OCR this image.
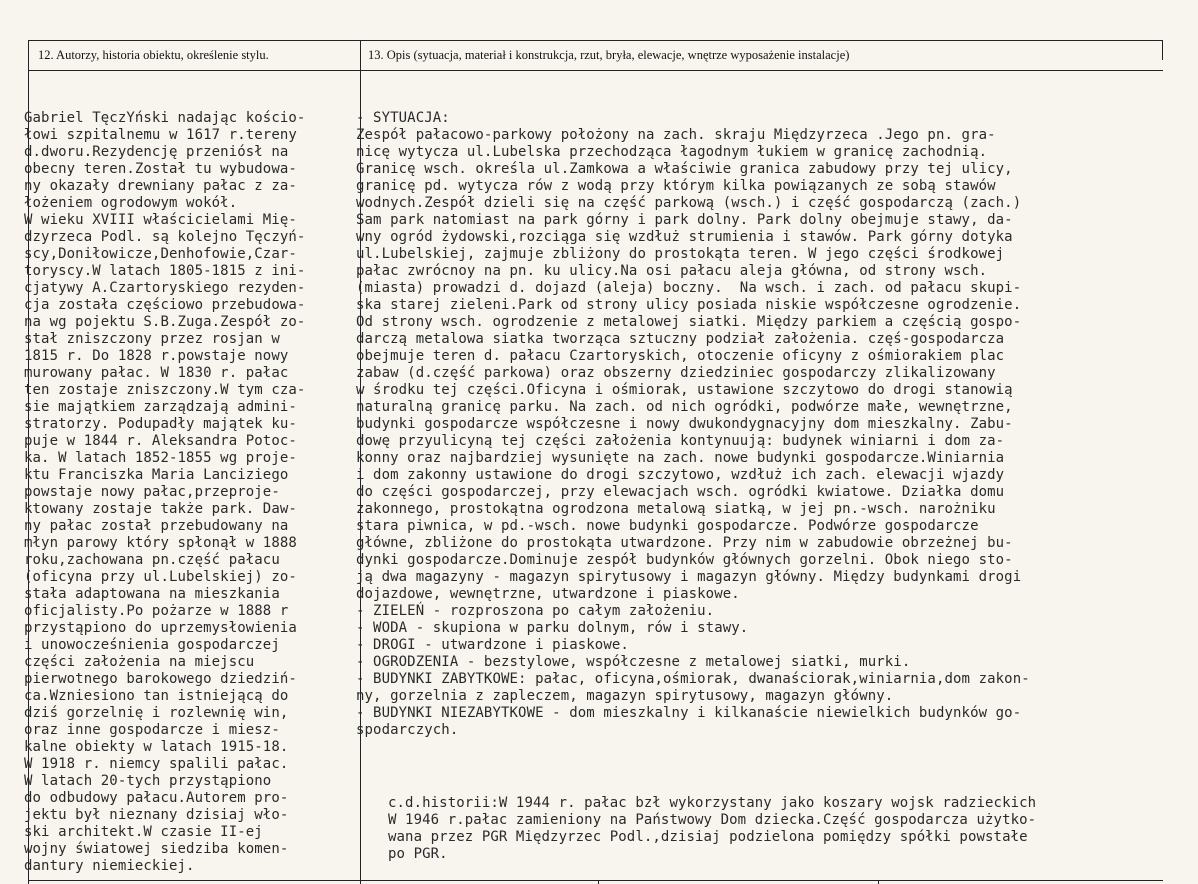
12. Autorzy, historia obiektu, określenie stylu.	13. Opis (sytuacja, materiał i konstrukcja, rzut, bryła, elewacje, wnętrze wyposażenie instalacje)
Gabriel TęczYński nadając kościo-
łowi szpitalnemu w 1617 r.tereny
d.dworu.Rezydencję przeniósł na
obecny teren.Został tu wybudowa-
ny okazały drewniany pałac z za-
łożeniem ogrodowym wokół.
W wieku XVIII właścicielami Mię-
dzyrzeca Podl. są kolejno Tęczyń-
scy,Doniłowicze,Denhofowie,Czar-
toryscy.W latach 1805-1815 z ini-
cjatywy A.Czartoryskiego rezyden-
cja została częściowo przebudowa-
na wg pojektu S.B.Zuga.Zespół zo-
stał zniszczony przez rosjan w
1815 r. Do 1828 r.powstaje nowy
murowany pałac. W 1830 r. pałac
ten zostaje zniszczony.W tym cza-
sie majątkiem zarządzają admini-
stratorzy. Podupadły majątek ku-
puje w 1844 r. Aleksandra Potoc-
ka. W latach 1852-1855 wg proje-
ktu Franciszka Maria Lanciziego
powstaje nowy pałac,przeproje-
ktowany zostaje także park. Daw-
ny pałac został przebudowany na
młyn parowy który spłonął w 1888
roku,zachowana pn.część pałacu
(oficyna przy ul.Lubelskiej) zo-
stała adaptowana na mieszkania
oficjalisty.Po pożarze w 1888 r
przystąpiono do uprzemysłowienia
i unowocześnienia gospodarczej
części założenia na miejscu
pierwotnego barokowego dziedziń-
ca.Wzniesiono tan istniejącą do
dziś gorzelnię i rozlewnię win,
oraz inne gospodarcze i miesz-
kalne obiekty w latach 1915-18.
W 1918 r. niemcy spalili pałac.
W latach 20-tych przystąpiono
do odbudowy pałacu.Autorem pro-
jektu był nieznany dzisiaj wło-
ski architekt.W czasie II-ej
wojny światowej siedziba komen-
dantury niemieckiej.
- SYTUACJA:
Zespół pałacowo-parkowy położony na zach. skraju Międzyrzeca .Jego pn. gra-
nicę wytycza ul.Lubelska przechodząca łagodnym łukiem w granicę zachodnią.
Granicę wsch. określa ul.Zamkowa a właściwie granica zabudowy przy tej ulicy,
granicę pd. wytycza rów z wodą przy którym kilka powiązanych ze sobą stawów
wodnych.Zespół dzieli się na część parkową (wsch.) i część gospodarczą (zach.)
Sam park natomiast na park górny i park dolny. Park dolny obejmuje stawy, da-
wny ogród żydowski,rozciąga się wzdłuż strumienia i stawów. Park górny dotyka
ul.Lubelskiej, zajmuje zbliżony do prostokąta teren. W jego części środkowej
pałac zwrócnoy na pn. ku ulicy.Na osi pałacu aleja główna, od strony wsch.
(miasta) prowadzi d. dojazd (aleja) boczny.  Na wsch. i zach. od pałacu skupi-
ska starej zieleni.Park od strony ulicy posiada niskie współczesne ogrodzenie.
Od strony wsch. ogrodzenie z metalowej siatki. Między parkiem a częścią gospo-
darczą metalowa siatka tworząca sztuczny podział założenia. częś-gospodarcza
obejmuje teren d. pałacu Czartoryskich, otoczenie oficyny z ośmiorakiem plac
zabaw (d.część parkowa) oraz obszerny dziedziniec gospodarczy zlikalizowany
w środku tej części.Oficyna i ośmiorak, ustawione szczytowo do drogi stanowią
naturalną granicę parku. Na zach. od nich ogródki, podwórze małe, wewnętrzne,
budynki gospodarcze współczesne i nowy dwukondygnacyjny dom mieszkalny. Zabu-
dowę przyulicyną tej części założenia kontynuują: budynek winiarni i dom za-
konny oraz najbardziej wysunięte na zach. nowe budynki gospodarcze.Winiarnia
i dom zakonny ustawione do drogi szczytowo, wzdłuż ich zach. elewacji wjazdy
do części gospodarczej, przy elewacjach wsch. ogródki kwiatowe. Działka domu
zakonnego, prostokątna ogrodzona metalową siatką, w jej pn.-wsch. narożniku
stara piwnica, w pd.-wsch. nowe budynki gospodarcze. Podwórze gospodarcze
główne, zbliżone do prostokąta utwardzone. Przy nim w zabudowie obrzeżnej bu-
dynki gospodarcze.Dominuje zespół budynków głównych gorzelni. Obok niego sto-
ją dwa magazyny - magazyn spirytusowy i magazyn główny. Między budynkami drogi
dojazdowe, wewnętrzne, utwardzone i piaskowe.
- ZIELEŃ - rozproszona po całym założeniu.
- WODA - skupiona w parku dolnym, rów i stawy.
- DROGI - utwardzone i piaskowe.
- OGRODZENIA - bezstylowe, współczesne z metalowej siatki, murki.
- BUDYNKI ZABYTKOWE: pałac, oficyna,ośmiorak, dwanaściorak,winiarnia,dom zakon-
ny, gorzelnia z zapleczem, magazyn spirytusowy, magazyn główny.
- BUDYNKI NIEZABYTKOWE - dom mieszkalny i kilkanaście niewielkich budynków go-
spodarczych.
c.d.historii:W 1944 r. pałac bzł wykorzystany jako koszary wojsk radzieckich
W 1946 r.pałac zamieniony na Państwowy Dom dziecka.Część gospodarcza użytko-
wana przez PGR Międzyrzec Podl.,dzisiaj podzielona pomiędzy spółki powstałe
po PGR.
